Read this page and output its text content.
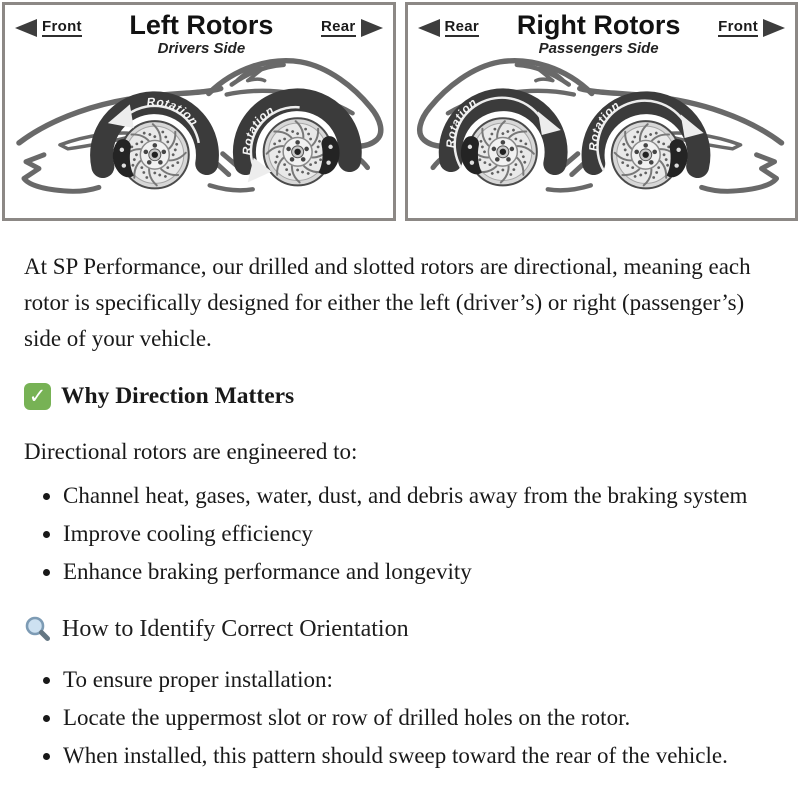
Front	Left Rotors
Drivers Side
Rear
Rotation
Rotation
Rear	Right Rotors
Passengers Side
Front
Rotation
Rotation

At SP Performance, our drilled and slotted rotors are directional, meaning each rotor is specifically designed for either the left (driver’s) or right (passenger’s) side of your vehicle.

✓
Why Direction Matters

Directional rotors are engineered to:

• Channel heat, gases, water, dust, and debris away from the braking system
• Improve cooling efficiency
• Enhance braking performance and longevity
How to Identify Correct Orientation
• To ensure proper installation:
• Locate the uppermost slot or row of drilled holes on the rotor.
• When installed, this pattern should sweep toward the rear of the vehicle.
